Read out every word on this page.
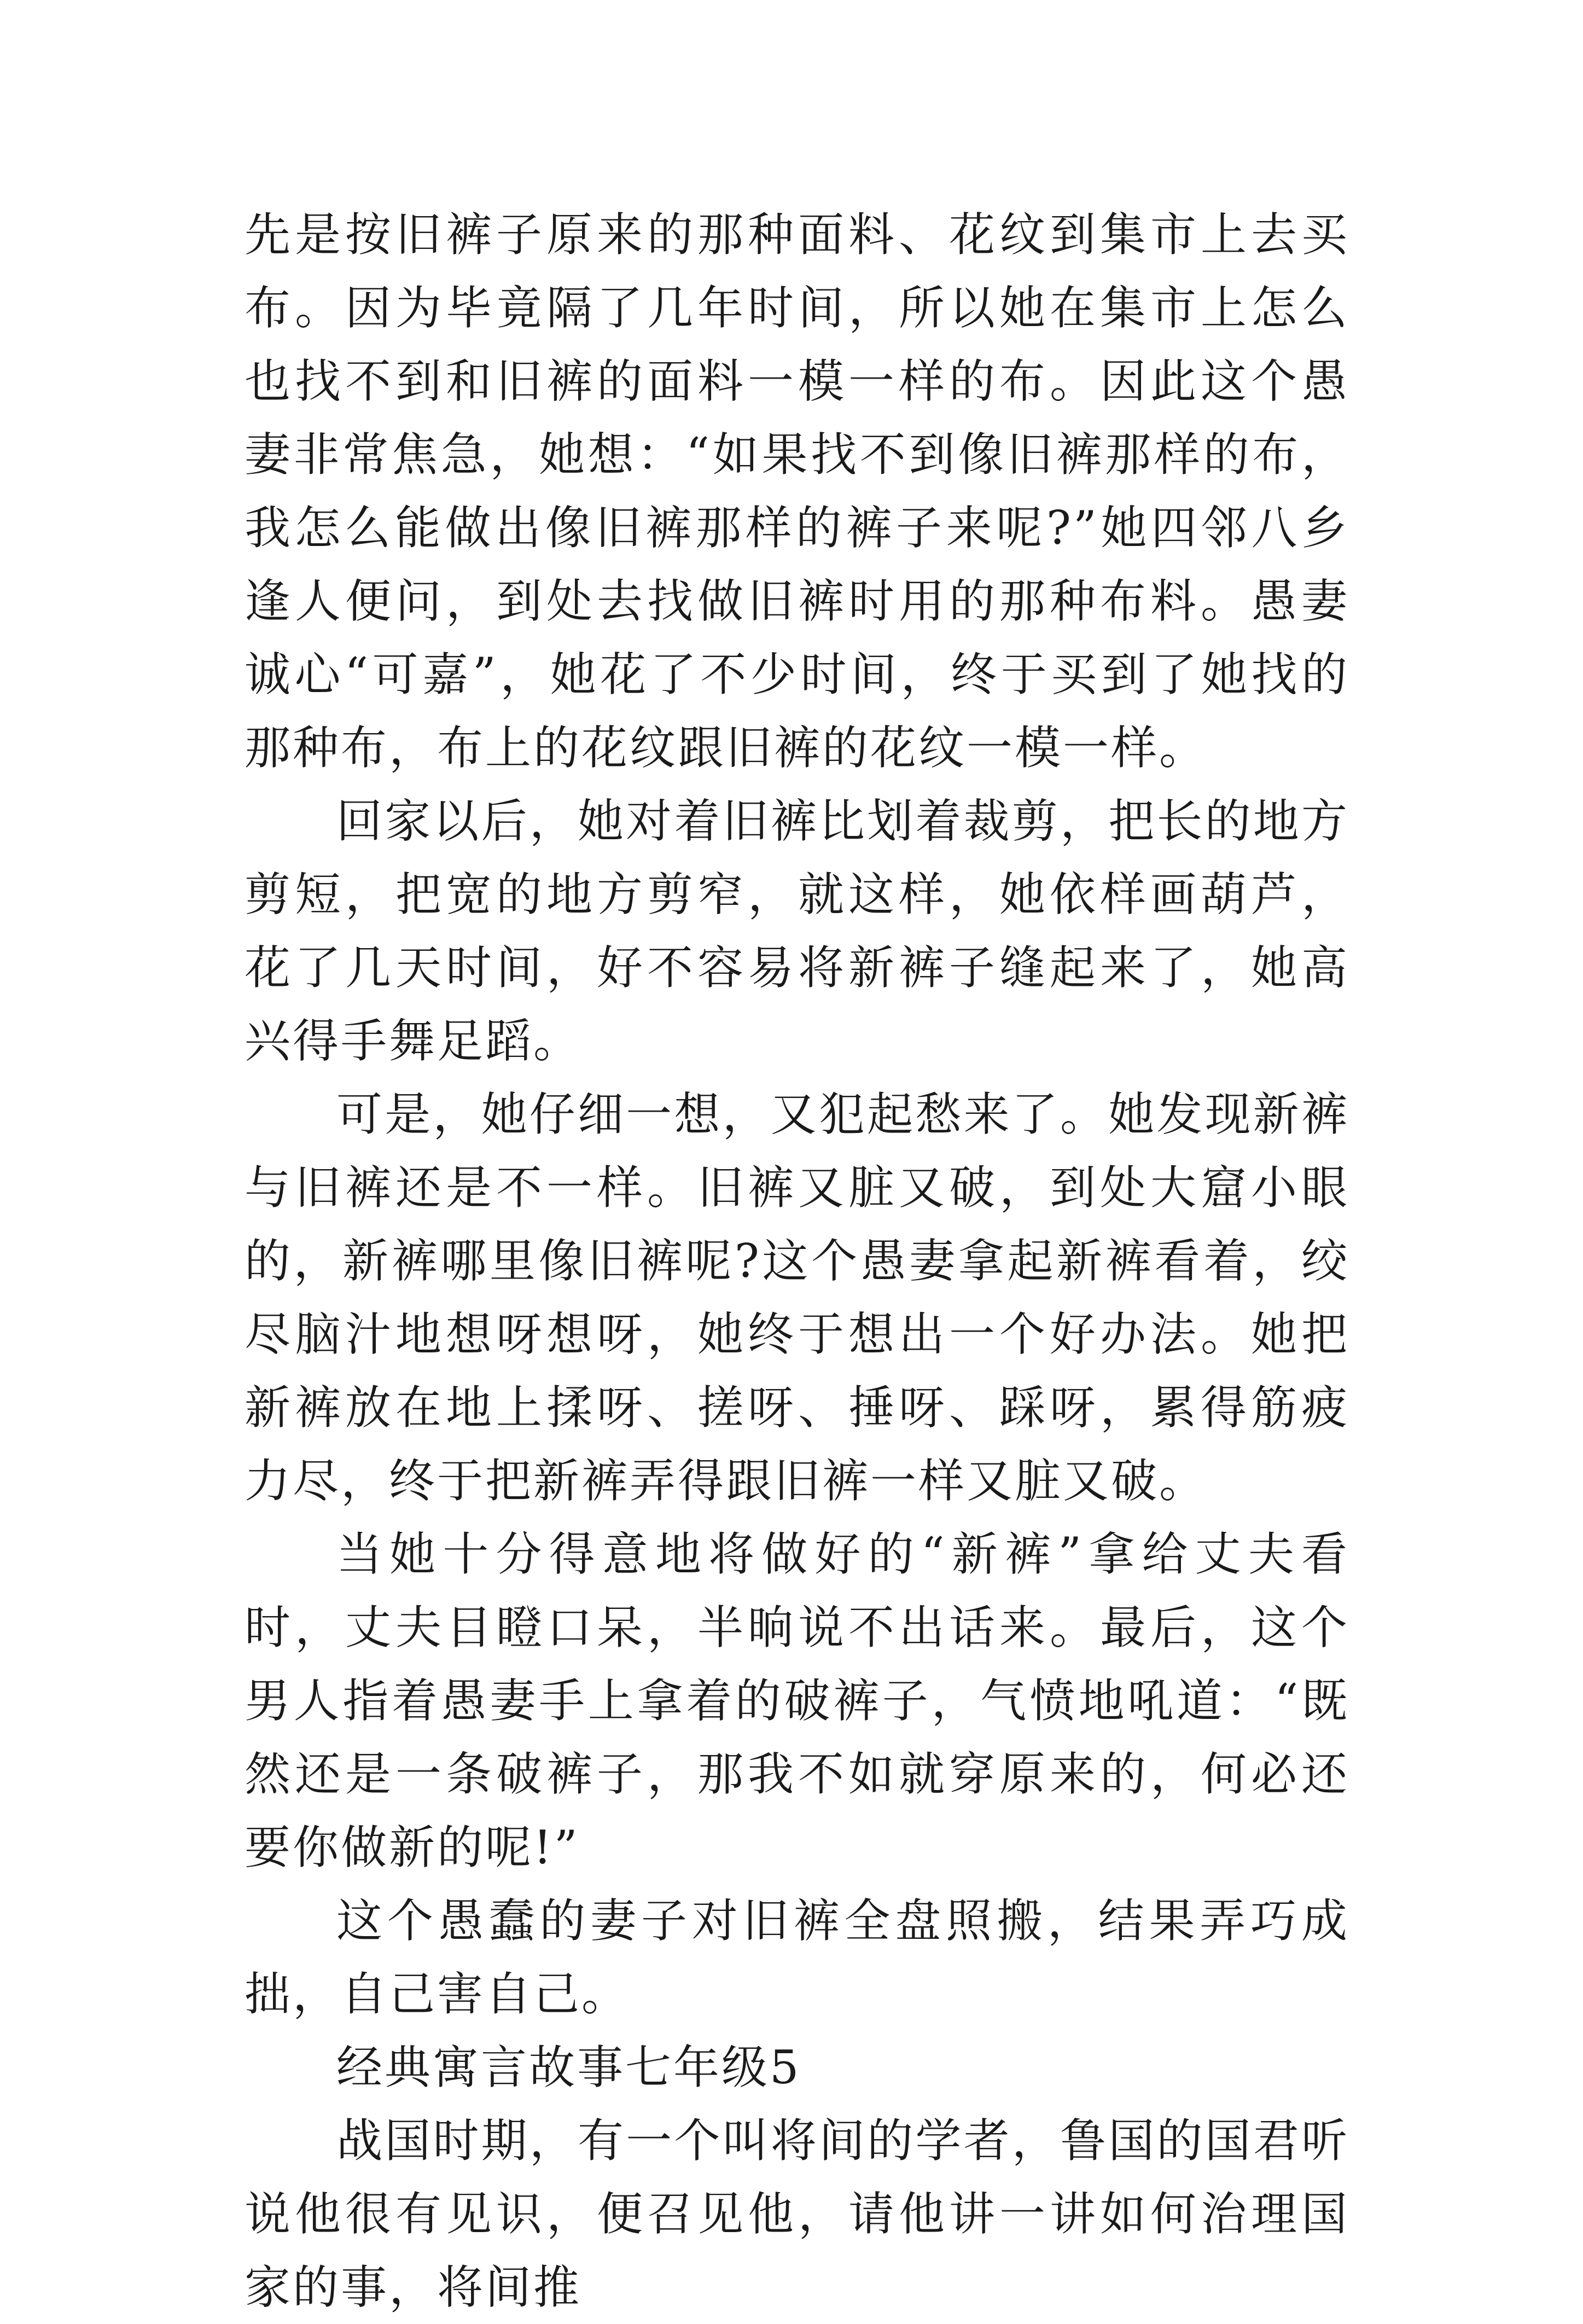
先是按旧裤子原来的那种面料、花纹到集市上去买布。因为毕竟隔了几年时间，所以她在集市上怎么也找不到和旧裤的面料一模一样的布。因此这个愚妻非常焦急，她想：“如果找不到像旧裤那样的布，我怎么能做出像旧裤那样的裤子来呢?”她四邻八乡逢人便问，到处去找做旧裤时用的那种布料。愚妻诚心“可嘉”，她花了不少时间，终于买到了她找的那种布，布上的花纹跟旧裤的花纹一模一样。

回家以后，她对着旧裤比划着裁剪，把长的地方剪短，把宽的地方剪窄，就这样，她依样画葫芦，花了几天时间，好不容易将新裤子缝起来了，她高兴得手舞足蹈。

可是，她仔细一想，又犯起愁来了。她发现新裤与旧裤还是不一样。旧裤又脏又破，到处大窟小眼的，新裤哪里像旧裤呢?这个愚妻拿起新裤看着，绞尽脑汁地想呀想呀，她终于想出一个好办法。她把新裤放在地上揉呀、搓呀、捶呀、踩呀，累得筋疲力尽，终于把新裤弄得跟旧裤一样又脏又破。

当她十分得意地将做好的“新裤”拿给丈夫看时，丈夫目瞪口呆，半晌说不出话来。最后，这个男人指着愚妻手上拿着的破裤子，气愤地吼道：“既然还是一条破裤子，那我不如就穿原来的，何必还要你做新的呢!”

这个愚蠢的妻子对旧裤全盘照搬，结果弄巧成拙，自己害自己。

经典寓言故事七年级5

战国时期，有一个叫将间的学者，鲁国的国君听说他很有见识，便召见他，请他讲一讲如何治理国家的事，将间推
